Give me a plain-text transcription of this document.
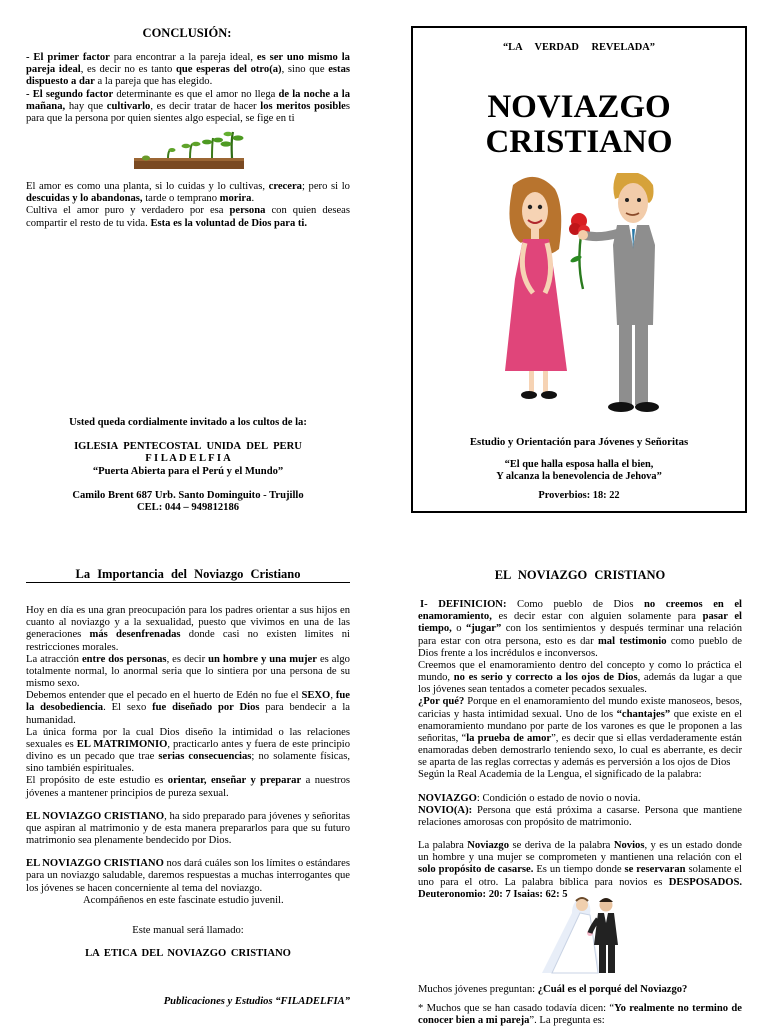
CONCLUSIÓN:

- El primer factor para encontrar a la pareja ideal, es ser uno mismo la pareja ideal, es decir no es tanto que esperas del otro(a), sino que estas dispuesto a dar a la pareja que has elegido.

- El segundo factor determinante es que el amor no llega de la noche a la mañana, hay que cultivarlo, es decir tratar de hacer los meritos posibles para que la persona por quien sientes algo especial, se fige en ti

El amor es como una planta, si lo cuidas y lo cultivas, crecera; pero si lo descuidas y lo abandonas, tarde o temprano morira.

Cultiva el amor puro y verdadero por esa persona con quien deseas compartir el resto de tu vida. Esta es la voluntad de Dios para ti.

Usted queda cordialmente invitado a los cultos de la:

IGLESIA PENTECOSTAL UNIDA DEL PERU

F I L A D E L F I A

“Puerta Abierta para el Perú y el Mundo”

Camilo Brent 687 Urb. Santo Dominguito - Trujillo

CEL: 044 – 949812186

“LA VERDAD REVELADA”
NOVIAZGO
CRISTIANO
Estudio y Orientación para Jóvenes y Señoritas
“El que halla esposa halla el bien,
Y alcanza la benevolencia de Jehova”
Proverbios: 18: 22
La Importancia del Noviazgo Cristiano

Hoy en día es una gran preocupación para los padres orientar a sus hijos en cuanto al noviazgo y a la sexualidad, puesto que vivimos en una de las generaciones más desenfrenadas donde casi no existen limites ni restricciones morales.

La atracción entre dos personas, es decir un hombre y una mujer es algo totalmente normal, lo anormal seria que lo sintiera por una persona de su mismo sexo.

Debemos entender que el pecado en el huerto de Edén no fue el SEXO, fue la desobediencia. El sexo fue diseñado por Dios para bendecir a la humanidad.

La única forma por la cual Dios diseño la intimidad o las relaciones sexuales es EL MATRIMONIO, practicarlo antes y fuera de este principio divino es un pecado que trae serias consecuencias; no solamente físicas, sino también espirituales.

El propósito de este estudio es orientar, enseñar y preparar a nuestros jóvenes a mantener principios de pureza sexual.

EL NOVIAZGO CRISTIANO, ha sido preparado para jóvenes y señoritas que aspiran al matrimonio y de esta manera prepararlos para que su futuro matrimonio sea plenamente bendecido por Dios.

EL NOVIAZGO CRISTIANO nos dará cuáles son los límites o estándares para un noviazgo saludable, daremos respuestas a muchas interrogantes que los jóvenes se hacen concerniente al tema del noviazgo.

Acompáñenos en este fascinate estudio juvenil.

Este manual será llamado:
LA ETICA DEL NOVIAZGO CRISTIANO
Publicaciones y Estudios “FILADELFIA”
EL NOVIAZGO CRISTIANO

I- DEFINICION: Como pueblo de Dios no creemos en el enamoramiento, es decir estar con alguien solamente para pasar el tiempo, o “jugar” con los sentimientos y después terminar una relación para estar con otra persona, esto es dar mal testimonio como pueblo de Dios frente a los incrédulos e inconversos.

Creemos que el enamoramiento dentro del concepto y como lo práctica el mundo, no es serio y correcto a los ojos de Dios, además da lugar a que los jóvenes sean tentados a cometer pecados sexuales.

¿Por qué? Porque en el enamoramiento del mundo existe manoseos, besos, caricias y hasta intimidad sexual. Uno de los “chantajes” que existe en el enamoramiento mundano por parte de los varones es que le proponen a las señoritas, “la prueba de amor”, es decir que si ellas verdaderamente están enamoradas deben demostrarlo teniendo sexo, lo cual es aberrante, es decir se aparta de las reglas correctas y además es perversión a los ojos de Dios

Según la Real Academia de la Lengua, el significado de la palabra:

NOVIAZGO: Condición o estado de novio o novia.

NOVIO(A): Persona que está próxima a casarse. Persona que mantiene relaciones amorosas con propósito de matrimonio.

La palabra Noviazgo se deriva de la palabra Novios, y es un estado donde un hombre y una mujer se comprometen y mantienen una relación con el solo propósito de casarse. Es un tiempo donde se reservaran solamente el uno para el otro. La palabra bíblica para novios es DESPOSADOS. Deuteronomio: 20: 7 Isaias: 62: 5

Muchos jóvenes preguntan: ¿Cuál es el porqué del Noviazgo?

* Muchos que se han casado todavía dicen: “Yo realmente no termino de conocer bien a mi pareja”. La pregunta es:
